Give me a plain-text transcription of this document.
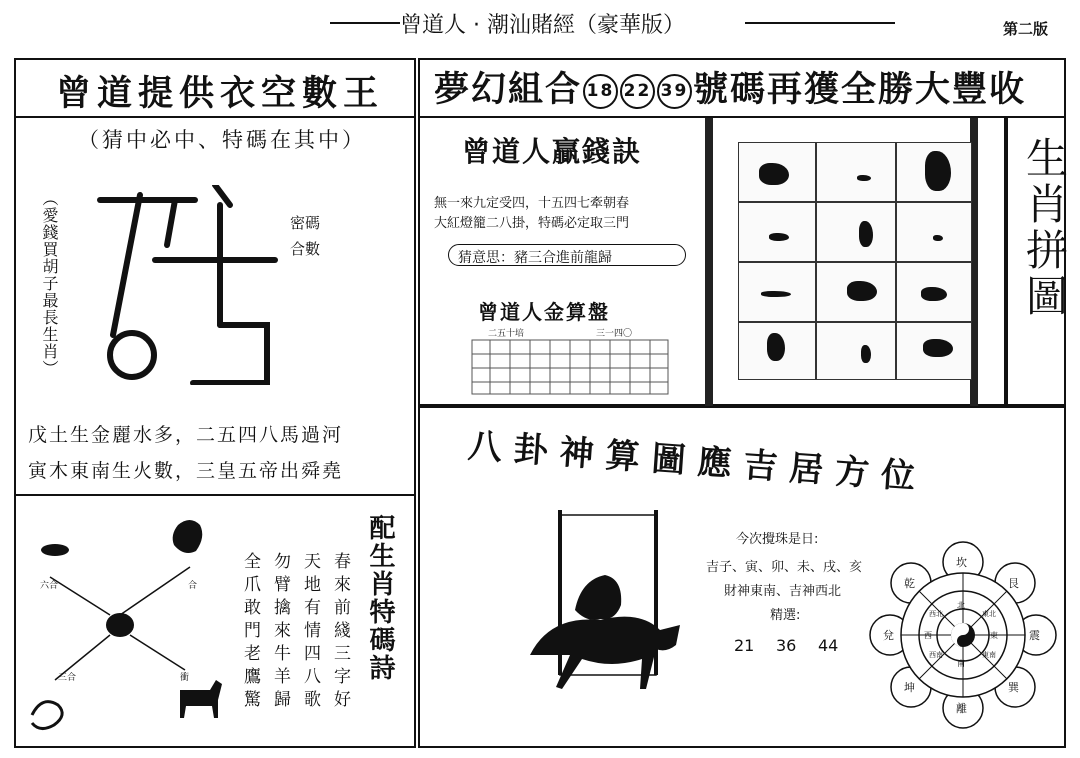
曾道人 · 潮汕賭經（豪華版）	第二版
曾道提供衣空數王
（猜中必中、特碼在其中）
（愛錢買胡子最長生肖）	密碼
合數
戊土生金麗水多，二五四八馬過河
寅木東南生火數，三皇五帝出舜堯
夢幻組合 18 22 39 號碼再獲全勝大豐收
曾道人贏錢訣
無一來九定受四，十五四七牽朝春
大紅燈籠二八掛，特碼必定取三門
猜意思：豬三合進前龍歸
曾道人金算盤
二五十培	三一四〇
生肖拼圖
六合	合
三合	衝	春來前綫三字好
天地有情四八歌
勿臂擒來牛羊歸
全爪敢門老鷹驚	配生肖特碼詩
八卦神算圖應吉居方位
今次攪珠是日:
吉子、寅、卯、未、戌、亥
財神東南、吉神西北
精選:
21 36 44
坎
艮
震
巽
離
坤
兌
乾
北
東北
東
東南
南
西南
西
西北
